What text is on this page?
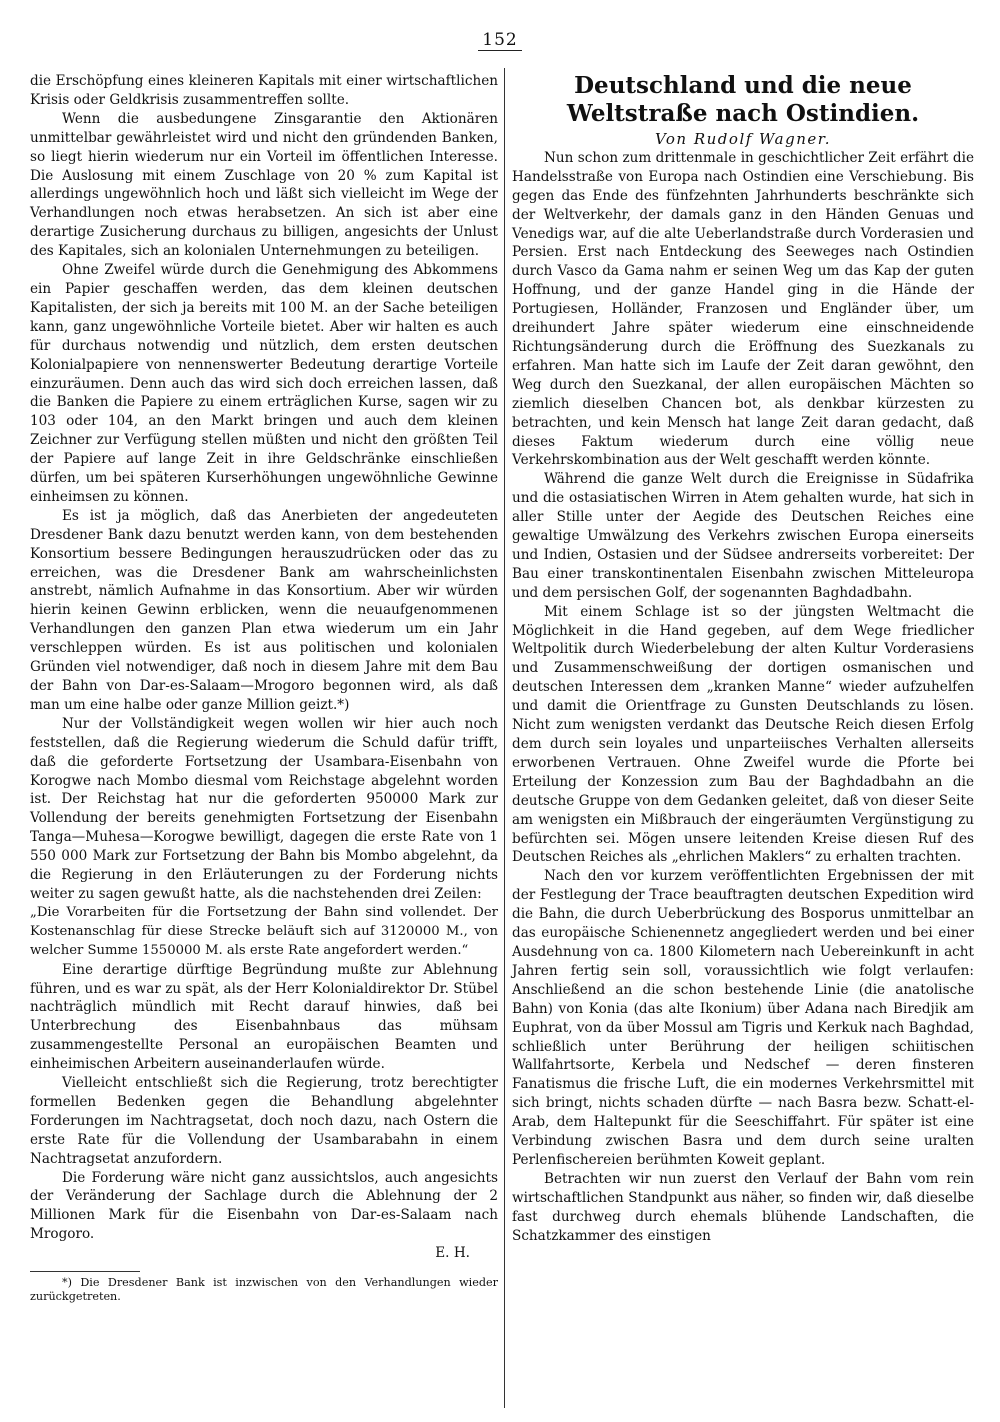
152

die Erschöpfung eines kleineren Kapitals mit einer wirtschaftlichen Krisis oder Geldkrisis zusammentreffen sollte.

Wenn die ausbedungene Zinsgarantie den Aktionären unmittelbar gewährleistet wird und nicht den gründenden Banken, so liegt hierin wiederum nur ein Vorteil im öffentlichen Interesse. Die Auslosung mit einem Zuschlage von 20 % zum Kapital ist allerdings ungewöhnlich hoch und läßt sich vielleicht im Wege der Verhandlungen noch etwas herabsetzen. An sich ist aber eine derartige Zusicherung durchaus zu billigen, angesichts der Unlust des Kapitales, sich an kolonialen Unternehmungen zu beteiligen.

Ohne Zweifel würde durch die Genehmigung des Abkommens ein Papier geschaffen werden, das dem kleinen deutschen Kapitalisten, der sich ja bereits mit 100 M. an der Sache beteiligen kann, ganz ungewöhnliche Vorteile bietet. Aber wir halten es auch für durchaus notwendig und nützlich, dem ersten deutschen Kolonialpapiere von nennenswerter Bedeutung derartige Vorteile einzuräumen. Denn auch das wird sich doch erreichen lassen, daß die Banken die Papiere zu einem erträglichen Kurse, sagen wir zu 103 oder 104, an den Markt bringen und auch dem kleinen Zeichner zur Verfügung stellen müßten und nicht den größten Teil der Papiere auf lange Zeit in ihre Geldschränke einschließen dürfen, um bei späteren Kurserhöhungen ungewöhnliche Gewinne einheimsen zu können.

Es ist ja möglich, daß das Anerbieten der angedeuteten Dresdener Bank dazu benutzt werden kann, von dem bestehenden Konsortium bessere Bedingungen herauszudrücken oder das zu erreichen, was die Dresdener Bank am wahrscheinlichsten anstrebt, nämlich Aufnahme in das Konsortium. Aber wir würden hierin keinen Gewinn erblicken, wenn die neuaufgenommenen Verhandlungen den ganzen Plan etwa wiederum um ein Jahr verschleppen würden. Es ist aus politischen und kolonialen Gründen viel notwendiger, daß noch in diesem Jahre mit dem Bau der Bahn von Dar-es-Salaam—Mrogoro begonnen wird, als daß man um eine halbe oder ganze Million geizt.*)

Nur der Vollständigkeit wegen wollen wir hier auch noch feststellen, daß die Regierung wiederum die Schuld dafür trifft, daß die geforderte Fortsetzung der Usambara-Eisenbahn von Korogwe nach Mombo diesmal vom Reichstage abgelehnt worden ist. Der Reichstag hat nur die geforderten 950000 Mark zur Vollendung der bereits genehmigten Fortsetzung der Eisenbahn Tanga—Muhesa—Korogwe bewilligt, dagegen die erste Rate von 1 550 000 Mark zur Fortsetzung der Bahn bis Mombo abgelehnt, da die Regierung in den Erläuterungen zu der Forderung nichts weiter zu sagen gewußt hatte, als die nachstehenden drei Zeilen:

„Die Vorarbeiten für die Fortsetzung der Bahn sind vollendet. Der Kostenanschlag für diese Strecke beläuft sich auf 3120000 M., von welcher Summe 1550000 M. als erste Rate angefordert werden.“

Eine derartige dürftige Begründung mußte zur Ablehnung führen, und es war zu spät, als der Herr Kolonialdirektor Dr. Stübel nachträglich mündlich mit Recht darauf hinwies, daß bei Unterbrechung des Eisenbahnbaus das mühsam zusammengestellte Personal an europäischen Beamten und einheimischen Arbeitern auseinanderlaufen würde.

Vielleicht entschließt sich die Regierung, trotz berechtigter formellen Bedenken gegen die Behandlung abgelehnter Forderungen im Nachtragsetat, doch noch dazu, nach Ostern die erste Rate für die Vollendung der Usambarabahn in einem Nachtragsetat anzufordern.

Die Forderung wäre nicht ganz aussichtslos, auch angesichts der Veränderung der Sachlage durch die Ablehnung der 2 Millionen Mark für die Eisenbahn von Dar-es-Salaam nach Mrogoro.

E. H.

*) Die Dresdener Bank ist inzwischen von den Verhandlungen wieder zurückgetreten.

Deutschland und die neue Weltstraße nach Ostindien.

Von Rudolf Wagner.

Nun schon zum drittenmale in geschichtlicher Zeit erfährt die Handelsstraße von Europa nach Ostindien eine Verschiebung. Bis gegen das Ende des fünfzehnten Jahrhunderts beschränkte sich der Weltverkehr, der damals ganz in den Händen Genuas und Venedigs war, auf die alte Ueberlandstraße durch Vorderasien und Persien. Erst nach Entdeckung des Seeweges nach Ostindien durch Vasco da Gama nahm er seinen Weg um das Kap der guten Hoffnung, und der ganze Handel ging in die Hände der Portugiesen, Holländer, Franzosen und Engländer über, um dreihundert Jahre später wiederum eine einschneidende Richtungsänderung durch die Eröffnung des Suezkanals zu erfahren. Man hatte sich im Laufe der Zeit daran gewöhnt, den Weg durch den Suezkanal, der allen europäischen Mächten so ziemlich dieselben Chancen bot, als denkbar kürzesten zu betrachten, und kein Mensch hat lange Zeit daran gedacht, daß dieses Faktum wiederum durch eine völlig neue Verkehrskombination aus der Welt geschafft werden könnte.

Während die ganze Welt durch die Ereignisse in Südafrika und die ostasiatischen Wirren in Atem gehalten wurde, hat sich in aller Stille unter der Aegide des Deutschen Reiches eine gewaltige Umwälzung des Verkehrs zwischen Europa einerseits und Indien, Ostasien und der Südsee andrerseits vorbereitet: Der Bau einer transkontinentalen Eisenbahn zwischen Mitteleuropa und dem persischen Golf, der sogenannten Baghdadbahn.

Mit einem Schlage ist so der jüngsten Weltmacht die Möglichkeit in die Hand gegeben, auf dem Wege friedlicher Weltpolitik durch Wiederbelebung der alten Kultur Vorderasiens und Zusammenschweißung der dortigen osmanischen und deutschen Interessen dem „kranken Manne“ wieder aufzuhelfen und damit die Orientfrage zu Gunsten Deutschlands zu lösen. Nicht zum wenigsten verdankt das Deutsche Reich diesen Erfolg dem durch sein loyales und unparteiisches Verhalten allerseits erworbenen Vertrauen. Ohne Zweifel wurde die Pforte bei Erteilung der Konzession zum Bau der Baghdadbahn an die deutsche Gruppe von dem Gedanken geleitet, daß von dieser Seite am wenigsten ein Mißbrauch der eingeräumten Vergünstigung zu befürchten sei. Mögen unsere leitenden Kreise diesen Ruf des Deutschen Reiches als „ehrlichen Maklers“ zu erhalten trachten.

Nach den vor kurzem veröffentlichten Ergebnissen der mit der Festlegung der Trace beauftragten deutschen Expedition wird die Bahn, die durch Ueberbrückung des Bosporus unmittelbar an das europäische Schienennetz angegliedert werden und bei einer Ausdehnung von ca. 1800 Kilometern nach Uebereinkunft in acht Jahren fertig sein soll, voraussichtlich wie folgt verlaufen: Anschließend an die schon bestehende Linie (die anatolische Bahn) von Konia (das alte Ikonium) über Adana nach Biredjik am Euphrat, von da über Mossul am Tigris und Kerkuk nach Baghdad, schließlich unter Berührung der heiligen schiitischen Wallfahrtsorte, Kerbela und Nedschef — deren finsteren Fanatismus die frische Luft, die ein modernes Verkehrsmittel mit sich bringt, nichts schaden dürfte — nach Basra bezw. Schatt-el-Arab, dem Haltepunkt für die Seeschiffahrt. Für später ist eine Verbindung zwischen Basra und dem durch seine uralten Perlenfischereien berühmten Koweit geplant.

Betrachten wir nun zuerst den Verlauf der Bahn vom rein wirtschaftlichen Standpunkt aus näher, so finden wir, daß dieselbe fast durchweg durch ehemals blühende Landschaften, die Schatzkammer des einstigen
